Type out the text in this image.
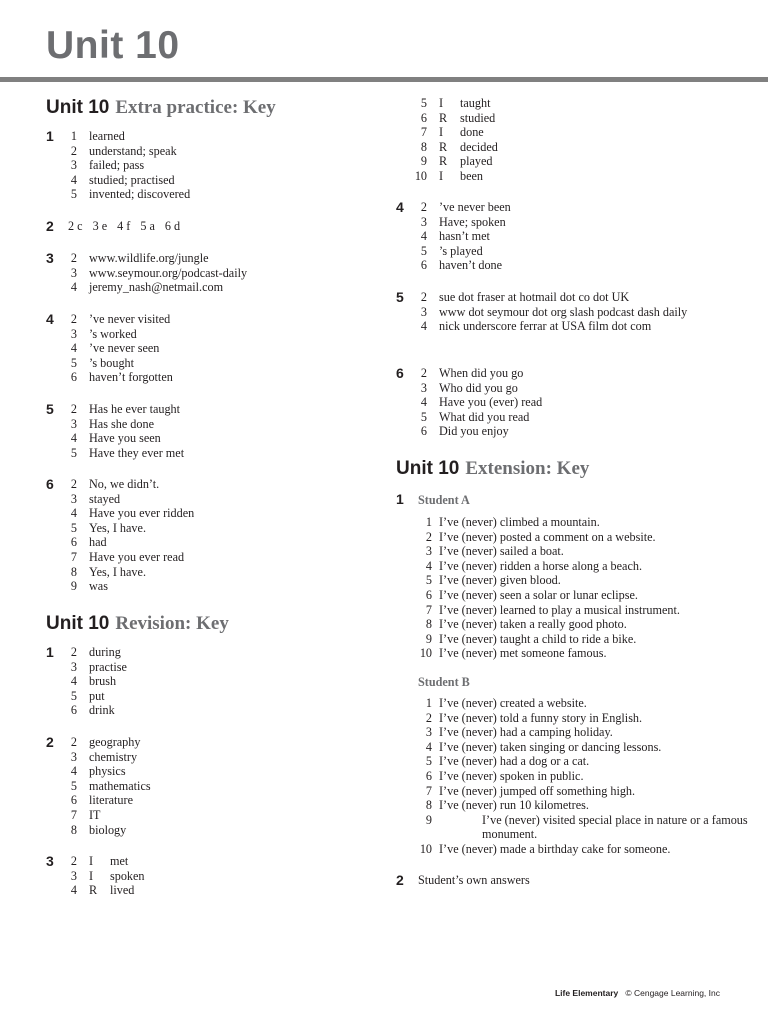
Unit 10
Unit 10 Extra practice: Key
1	1 learned
2 understand; speak
3 failed; pass
4 studied; practised
5 invented; discovered
2 2 c 3 e 4 f 5 a 6 d
3	2 www.wildlife.org/jungle
3 www.seymour.org/podcast-daily
4 jeremy_nash@netmail.com
4	2 ’ve never visited
3 ’s worked
4 ’ve never seen
5 ’s bought
6 haven’t forgotten
5	2 Has he ever taught
3 Has she done
4 Have you seen
5 Have they ever met
6	2 No, we didn’t.
3 stayed
4 Have you ever ridden
5 Yes, I have.
6 had
7 Have you ever read
8 Yes, I have.
9 was
Unit 10 Revision: Key
1	2 during
3 practise
4 brush
5 put
6 drink
2	2 geography
3 chemistry
4 physics
5 mathematics
6 literature
7 IT
8 biology
3	2 I met
3 I spoken
4 R lived
5 I taught
6 R studied
7 I done
8 R decided
9 R played
10 I been
4	2 ’ve never been
3 Have; spoken
4 hasn’t met
5 ’s played
6 haven’t done
5	2 sue dot fraser at hotmail dot co dot UK
3 www dot seymour dot org slash podcast dash daily
4 nick underscore ferrar at USA film dot com
6	2 When did you go
3 Who did you go
4 Have you (ever) read
5 What did you read
6 Did you enjoy
Unit 10 Extension: Key
1 Student A
1 I’ve (never) climbed a mountain.
2 I’ve (never) posted a comment on a website.
3 I’ve (never) sailed a boat.
4 I’ve (never) ridden a horse along a beach.
5 I’ve (never) given blood.
6 I’ve (never) seen a solar or lunar eclipse.
7 I’ve (never) learned to play a musical instrument.
8 I’ve (never) taken a really good photo.
9 I’ve (never) taught a child to ride a bike.
10 I’ve (never) met someone famous.
Student B
1 I’ve (never) created a website.
2 I’ve (never) told a funny story in English.
3 I’ve (never) had a camping holiday.
4 I’ve (never) taken singing or dancing lessons.
5 I’ve (never) had a dog or a cat.
6 I’ve (never) spoken in public.
7 I’ve (never) jumped off something high.
8 I’ve (never) run 10 kilometres.
9	I’ve (never) visited special place in nature or a famous monument.
10 I’ve (never) made a birthday cake for someone.
2 Student’s own answers
Life Elementary © Cengage Learning, Inc
